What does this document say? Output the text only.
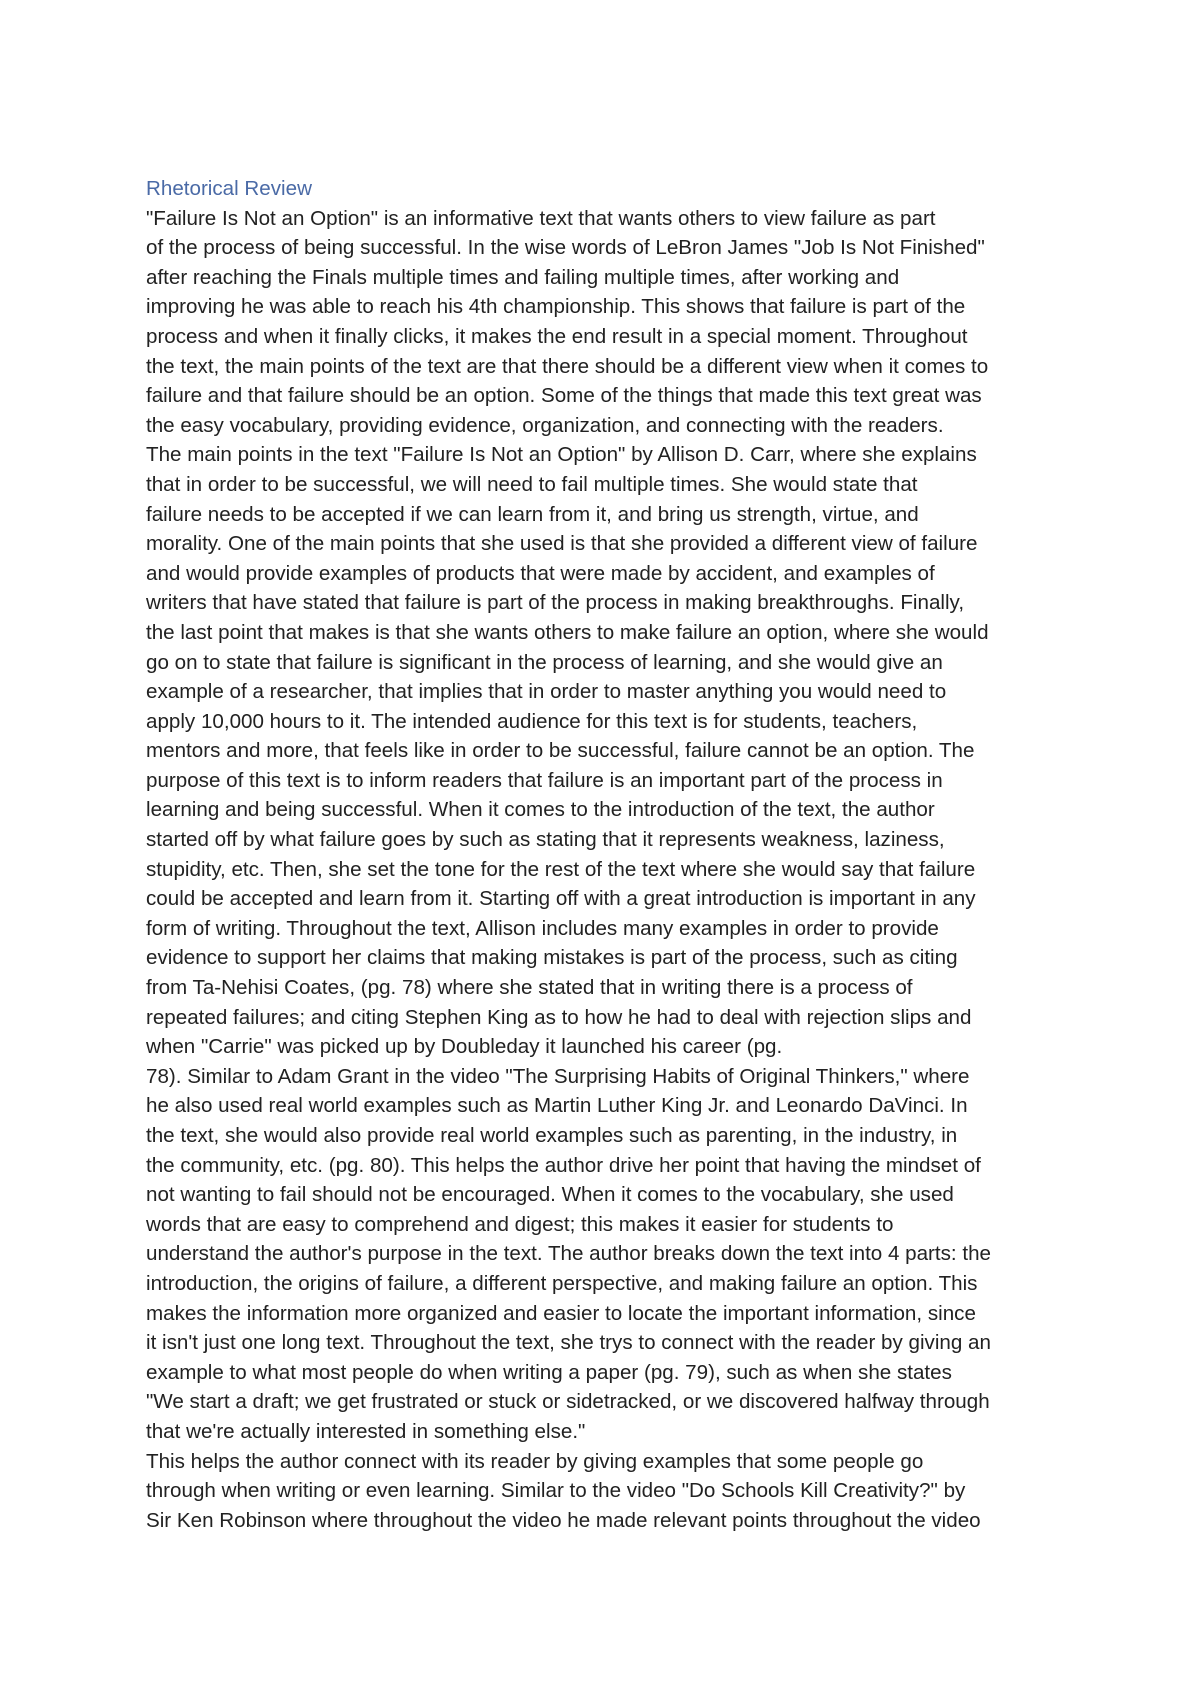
Rhetorical Review
"Failure Is Not an Option" is an informative text that wants others to view failure as part
of the process of being successful. In the wise words of LeBron James "Job Is Not Finished"
after reaching the Finals multiple times and failing multiple times, after working and
improving he was able to reach his 4th championship. This shows that failure is part of the
process and when it finally clicks, it makes the end result in a special moment. Throughout
the text, the main points of the text are that there should be a different view when it comes to
failure and that failure should be an option. Some of the things that made this text great was
the easy vocabulary, providing evidence, organization, and connecting with the readers.
The main points in the text "Failure Is Not an Option" by Allison D. Carr, where she explains
that in order to be successful, we will need to fail multiple times. She would state that
failure needs to be accepted if we can learn from it, and bring us strength, virtue, and
morality. One of the main points that she used is that she provided a different view of failure
and would provide examples of products that were made by accident, and examples of
writers that have stated that failure is part of the process in making breakthroughs. Finally,
the last point that makes is that she wants others to make failure an option, where she would
go on to state that failure is significant in the process of learning, and she would give an
example of a researcher, that implies that in order to master anything you would need to
apply 10,000 hours to it. The intended audience for this text is for students, teachers,
mentors and more, that feels like in order to be successful, failure cannot be an option. The
purpose of this text is to inform readers that failure is an important part of the process in
learning and being successful. When it comes to the introduction of the text, the author
started off by what failure goes by such as stating that it represents weakness, laziness,
stupidity, etc. Then, she set the tone for the rest of the text where she would say that failure
could be accepted and learn from it. Starting off with a great introduction is important in any
form of writing. Throughout the text, Allison includes many examples in order to provide
evidence to support her claims that making mistakes is part of the process, such as citing
from Ta-Nehisi Coates, (pg. 78) where she stated that in writing there is a process of
repeated failures; and citing Stephen King as to how he had to deal with rejection slips and
when "Carrie" was picked up by Doubleday it launched his career (pg.
78). Similar to Adam Grant in the video "The Surprising Habits of Original Thinkers," where
he also used real world examples such as Martin Luther King Jr. and Leonardo DaVinci. In
the text, she would also provide real world examples such as parenting, in the industry, in
the community, etc. (pg. 80). This helps the author drive her point that having the mindset of
not wanting to fail should not be encouraged. When it comes to the vocabulary, she used
words that are easy to comprehend and digest; this makes it easier for students to
understand the author's purpose in the text. The author breaks down the text into 4 parts: the
introduction, the origins of failure, a different perspective, and making failure an option. This
makes the information more organized and easier to locate the important information, since
it isn't just one long text. Throughout the text, she trys to connect with the reader by giving an
example to what most people do when writing a paper (pg. 79), such as when she states
"We start a draft; we get frustrated or stuck or sidetracked, or we discovered halfway through
that we're actually interested in something else."
This helps the author connect with its reader by giving examples that some people go
through when writing or even learning. Similar to the video "Do Schools Kill Creativity?" by
Sir Ken Robinson where throughout the video he made relevant points throughout the video
